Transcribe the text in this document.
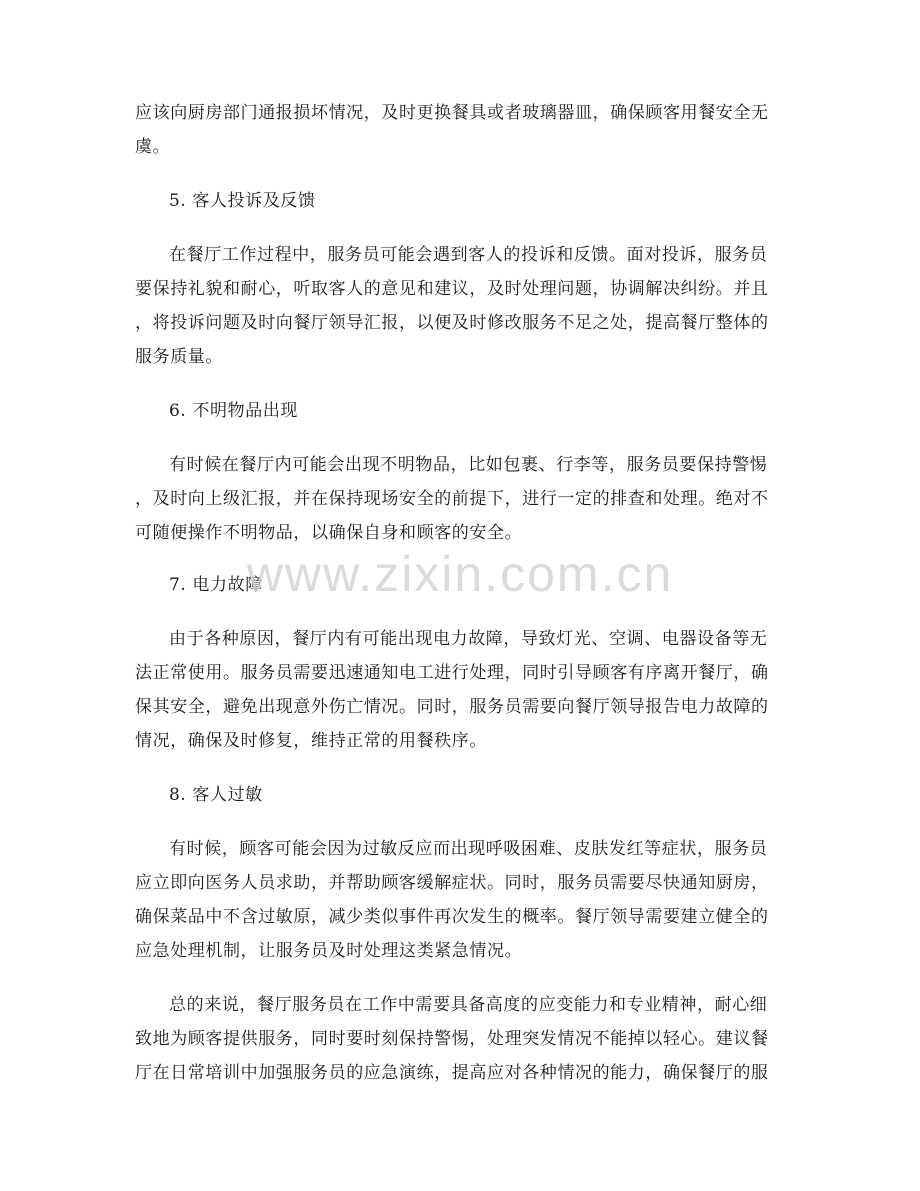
应该向厨房部门通报损坏情况，及时更换餐具或者玻璃器皿，确保顾客用餐安全无
虞。
5. 客人投诉及反馈
在餐厅工作过程中，服务员可能会遇到客人的投诉和反馈。面对投诉，服务员
要保持礼貌和耐心，听取客人的意见和建议，及时处理问题，协调解决纠纷。并且
，将投诉问题及时向餐厅领导汇报，以便及时修改服务不足之处，提高餐厅整体的
服务质量。
6. 不明物品出现
有时候在餐厅内可能会出现不明物品，比如包裹、行李等，服务员要保持警惕
，及时向上级汇报，并在保持现场安全的前提下，进行一定的排查和处理。绝对不
可随便操作不明物品，以确保自身和顾客的安全。
7. 电力故障
由于各种原因，餐厅内有可能出现电力故障，导致灯光、空调、电器设备等无
法正常使用。服务员需要迅速通知电工进行处理，同时引导顾客有序离开餐厅，确
保其安全，避免出现意外伤亡情况。同时，服务员需要向餐厅领导报告电力故障的
情况，确保及时修复，维持正常的用餐秩序。
8. 客人过敏
有时候，顾客可能会因为过敏反应而出现呼吸困难、皮肤发红等症状，服务员
应立即向医务人员求助，并帮助顾客缓解症状。同时，服务员需要尽快通知厨房，
确保菜品中不含过敏原，减少类似事件再次发生的概率。餐厅领导需要建立健全的
应急处理机制，让服务员及时处理这类紧急情况。
总的来说，餐厅服务员在工作中需要具备高度的应变能力和专业精神，耐心细
致地为顾客提供服务，同时要时刻保持警惕，处理突发情况不能掉以轻心。建议餐
厅在日常培训中加强服务员的应急演练，提高应对各种情况的能力，确保餐厅的服
www.zixin.com.cn
